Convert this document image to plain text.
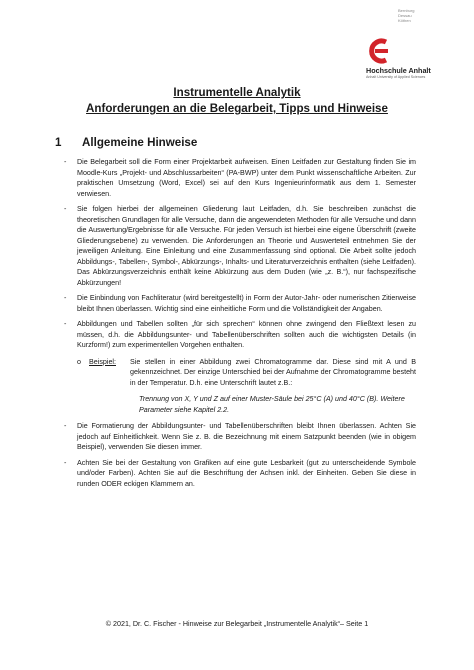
Bernburg
Dessau
Köthen
Hochschule Anhalt
Anhalt University of Applied Sciences
Instrumentelle Analytik
Anforderungen an die Belegarbeit, Tipps und Hinweise
1 Allgemeine Hinweise
- Die Belegarbeit soll die Form einer Projektarbeit aufweisen. Einen Leitfaden zur Gestaltung finden Sie im Moodle-Kurs „Projekt- und Abschlussarbeiten“ (PA-BWP) unter dem Punkt wissenschaftliche Arbeiten. Zur praktischen Umsetzung (Word, Excel) sei auf den Kurs Ingenieurinformatik aus dem 1. Semester verwiesen.
- Sie folgen hierbei der allgemeinen Gliederung laut Leitfaden, d.h. Sie beschreiben zunächst die theoretischen Grundlagen für alle Versuche, dann die angewendeten Methoden für alle Versuche und dann die Auswertung/Ergebnisse für alle Versuche. Für jeden Versuch ist hierbei eine eigene Überschrift (zweite Gliederungsebene) zu verwenden. Die Anforderungen an Theorie und Auswerteteil entnehmen Sie der jeweiligen Anleitung. Eine Einleitung und eine Zusammenfassung sind optional. Die Arbeit sollte jedoch Abbildungs-, Tabellen-, Symbol-, Abkürzungs-, Inhalts- und Literaturverzeichnis enthalten (siehe Leitfaden). Das Abkürzungsverzeichnis enthält keine Abkürzung aus dem Duden (wie „z. B.“), nur fachspezifische Abkürzungen!
- Die Einbindung von Fachliteratur (wird bereitgestellt) in Form der Autor-Jahr- oder numerischen Zitierweise bleibt Ihnen überlassen. Wichtig sind eine einheitliche Form und die Vollständigkeit der Angaben.
- Abbildungen und Tabellen sollten „für sich sprechen“ können ohne zwingend den Fließtext lesen zu müssen, d.h. die Abbildungsunter- und Tabellenüberschriften sollten auch die wichtigsten Details (in Kurzform!) zum experimentellen Vorgehen enthalten.
o Beispiel: Sie stellen in einer Abbildung zwei Chromatogramme dar. Diese sind mit A und B gekennzeichnet. Der einzige Unterschied bei der Aufnahme der Chromatogramme besteht in der Temperatur. D.h. eine Unterschrift lautet z.B.:
Trennung von X, Y und Z auf einer Muster-Säule bei 25°C (A) und 40°C (B). Weitere Parameter siehe Kapitel 2.2.
- Die Formatierung der Abbildungsunter- und Tabellenüberschriften bleibt Ihnen überlassen. Achten Sie jedoch auf Einheitlichkeit. Wenn Sie z. B. die Bezeichnung mit einem Satzpunkt beenden (wie in obigem Beispiel), verwenden Sie diesen immer.
- Achten Sie bei der Gestaltung von Grafiken auf eine gute Lesbarkeit (gut zu unterscheidende Symbole und/oder Farben). Achten Sie auf die Beschriftung der Achsen inkl. der Einheiten. Geben Sie diese in runden ODER eckigen Klammern an.
© 2021, Dr. C. Fischer - Hinweise zur Belegarbeit „Instrumentelle Analytik“– Seite 1
